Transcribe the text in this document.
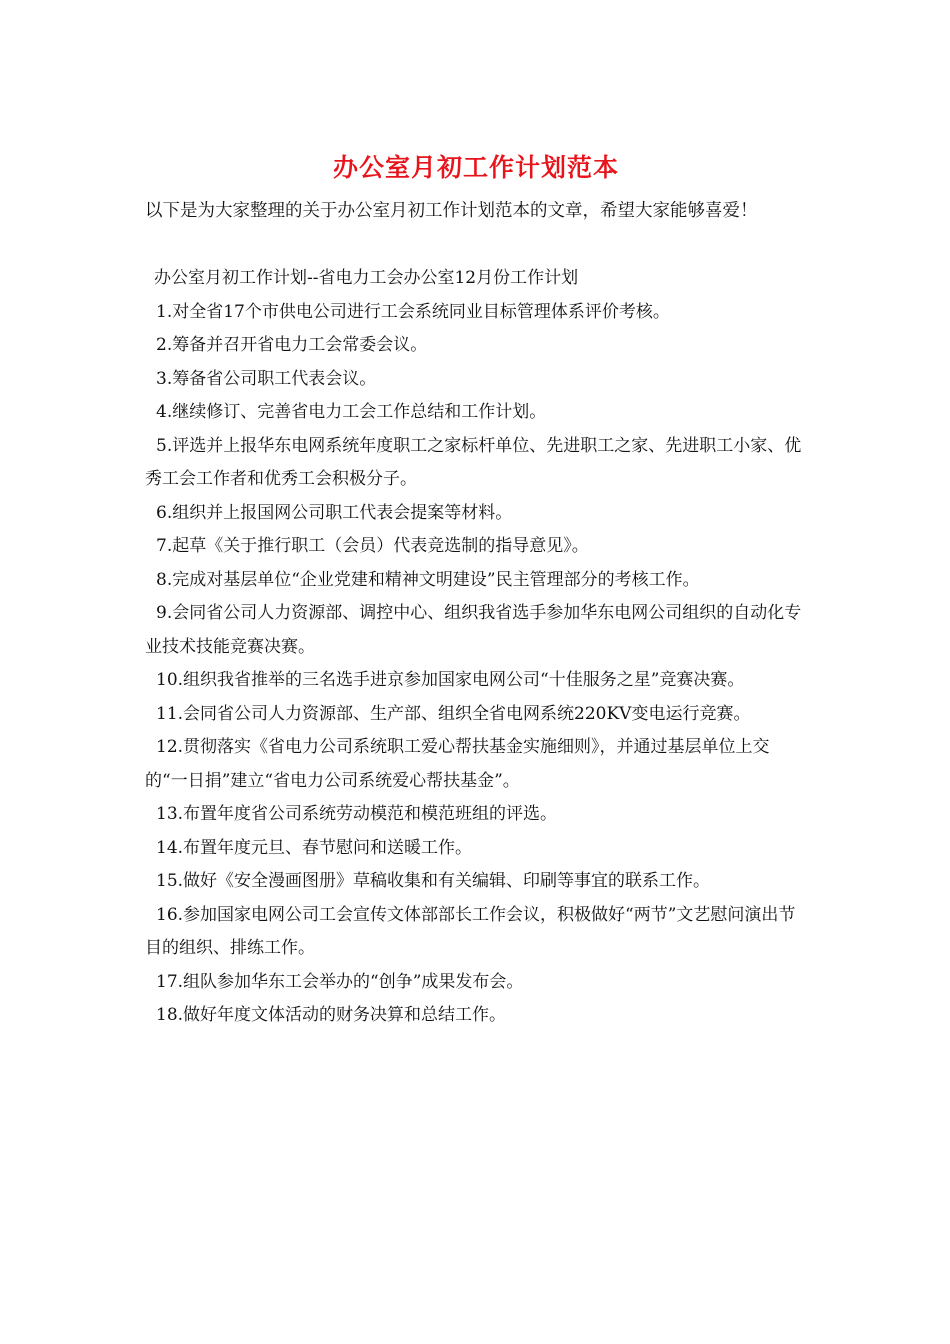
办公室月初工作计划范本
以下是为大家整理的关于办公室月初工作计划范本的文章，希望大家能够喜爱！

办公室月初工作计划--省电力工会办公室12月份工作计划

1.对全省17个市供电公司进行工会系统同业目标管理体系评价考核。

2.筹备并召开省电力工会常委会议。

3.筹备省公司职工代表会议。

4.继续修订、完善省电力工会工作总结和工作计划。

5.评选并上报华东电网系统年度职工之家标杆单位、先进职工之家、先进职工小家、优秀工会工作者和优秀工会积极分子。

6.组织并上报国网公司职工代表会提案等材料。

7.起草《关于推行职工（会员）代表竞选制的指导意见》。

8.完成对基层单位“企业党建和精神文明建设”民主管理部分的考核工作。

9.会同省公司人力资源部、调控中心、组织我省选手参加华东电网公司组织的自动化专业技术技能竞赛决赛。

10.组织我省推举的三名选手进京参加国家电网公司“十佳服务之星”竞赛决赛。

11.会同省公司人力资源部、生产部、组织全省电网系统220KV变电运行竞赛。

12.贯彻落实《省电力公司系统职工爱心帮扶基金实施细则》，并通过基层单位上交的“一日捐”建立“省电力公司系统爱心帮扶基金”。

13.布置年度省公司系统劳动模范和模范班组的评选。

14.布置年度元旦、春节慰问和送暖工作。

15.做好《安全漫画图册》草稿收集和有关编辑、印刷等事宜的联系工作。

16.参加国家电网公司工会宣传文体部部长工作会议，积极做好“两节”文艺慰问演出节目的组织、排练工作。

17.组队参加华东工会举办的“创争”成果发布会。

18.做好年度文体活动的财务决算和总结工作。
